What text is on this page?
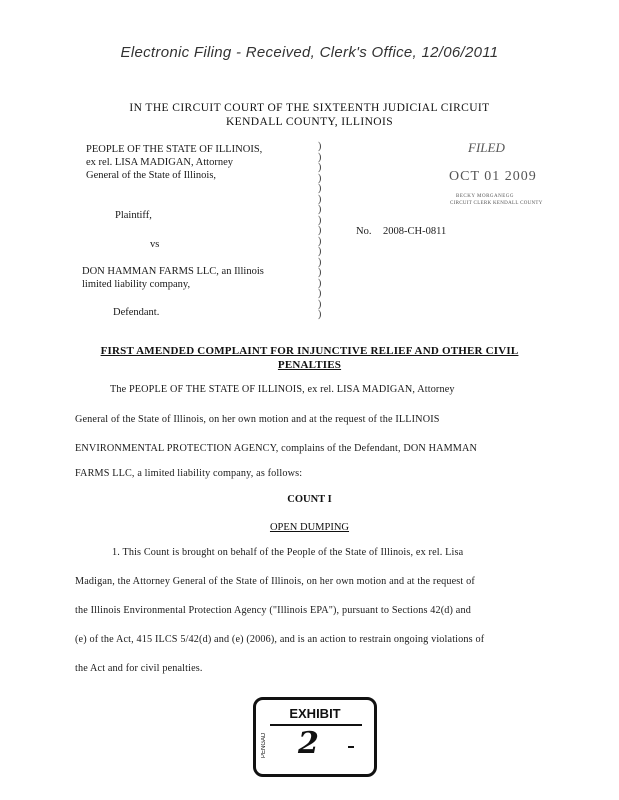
Electronic Filing - Received, Clerk's Office, 12/06/2011
IN THE CIRCUIT COURT OF THE SIXTEENTH JUDICIAL CIRCUIT
KENDALL COUNTY, ILLINOIS
PEOPLE OF THE STATE OF ILLINOIS,
ex rel. LISA MADIGAN, Attorney
General of the State of Illinois,
Plaintiff,
vs
DON HAMMAN FARMS LLC, an Illinois
limited liability company,
Defendant.
)
)
)
)
)
)
)
)
)
)
)
)
)
)
)
)
)
No. 2008-CH-0811
FILED
OCT 01 2009
BECKY MORGANEGG
CIRCUIT CLERK KENDALL COUNTY
FIRST AMENDED COMPLAINT FOR INJUNCTIVE RELIEF AND OTHER CIVIL
PENALTIES
The PEOPLE OF THE STATE OF ILLINOIS, ex rel. LISA MADIGAN, Attorney
General of the State of Illinois, on her own motion and at the request of the ILLINOIS
ENVIRONMENTAL PROTECTION AGENCY, complains of the Defendant, DON HAMMAN
FARMS LLC, a limited liability company, as follows:
COUNT I
OPEN DUMPING
1. This Count is brought on behalf of the People of the State of Illinois, ex rel. Lisa
Madigan, the Attorney General of the State of Illinois, on her own motion and at the request of
the Illinois Environmental Protection Agency ("Illinois EPA"), pursuant to Sections 42(d) and
(e) of the Act, 415 ILCS 5/42(d) and (e) (2006), and is an action to restrain ongoing violations of
the Act and for civil penalties.
EXHIBIT
PENGAD 2
